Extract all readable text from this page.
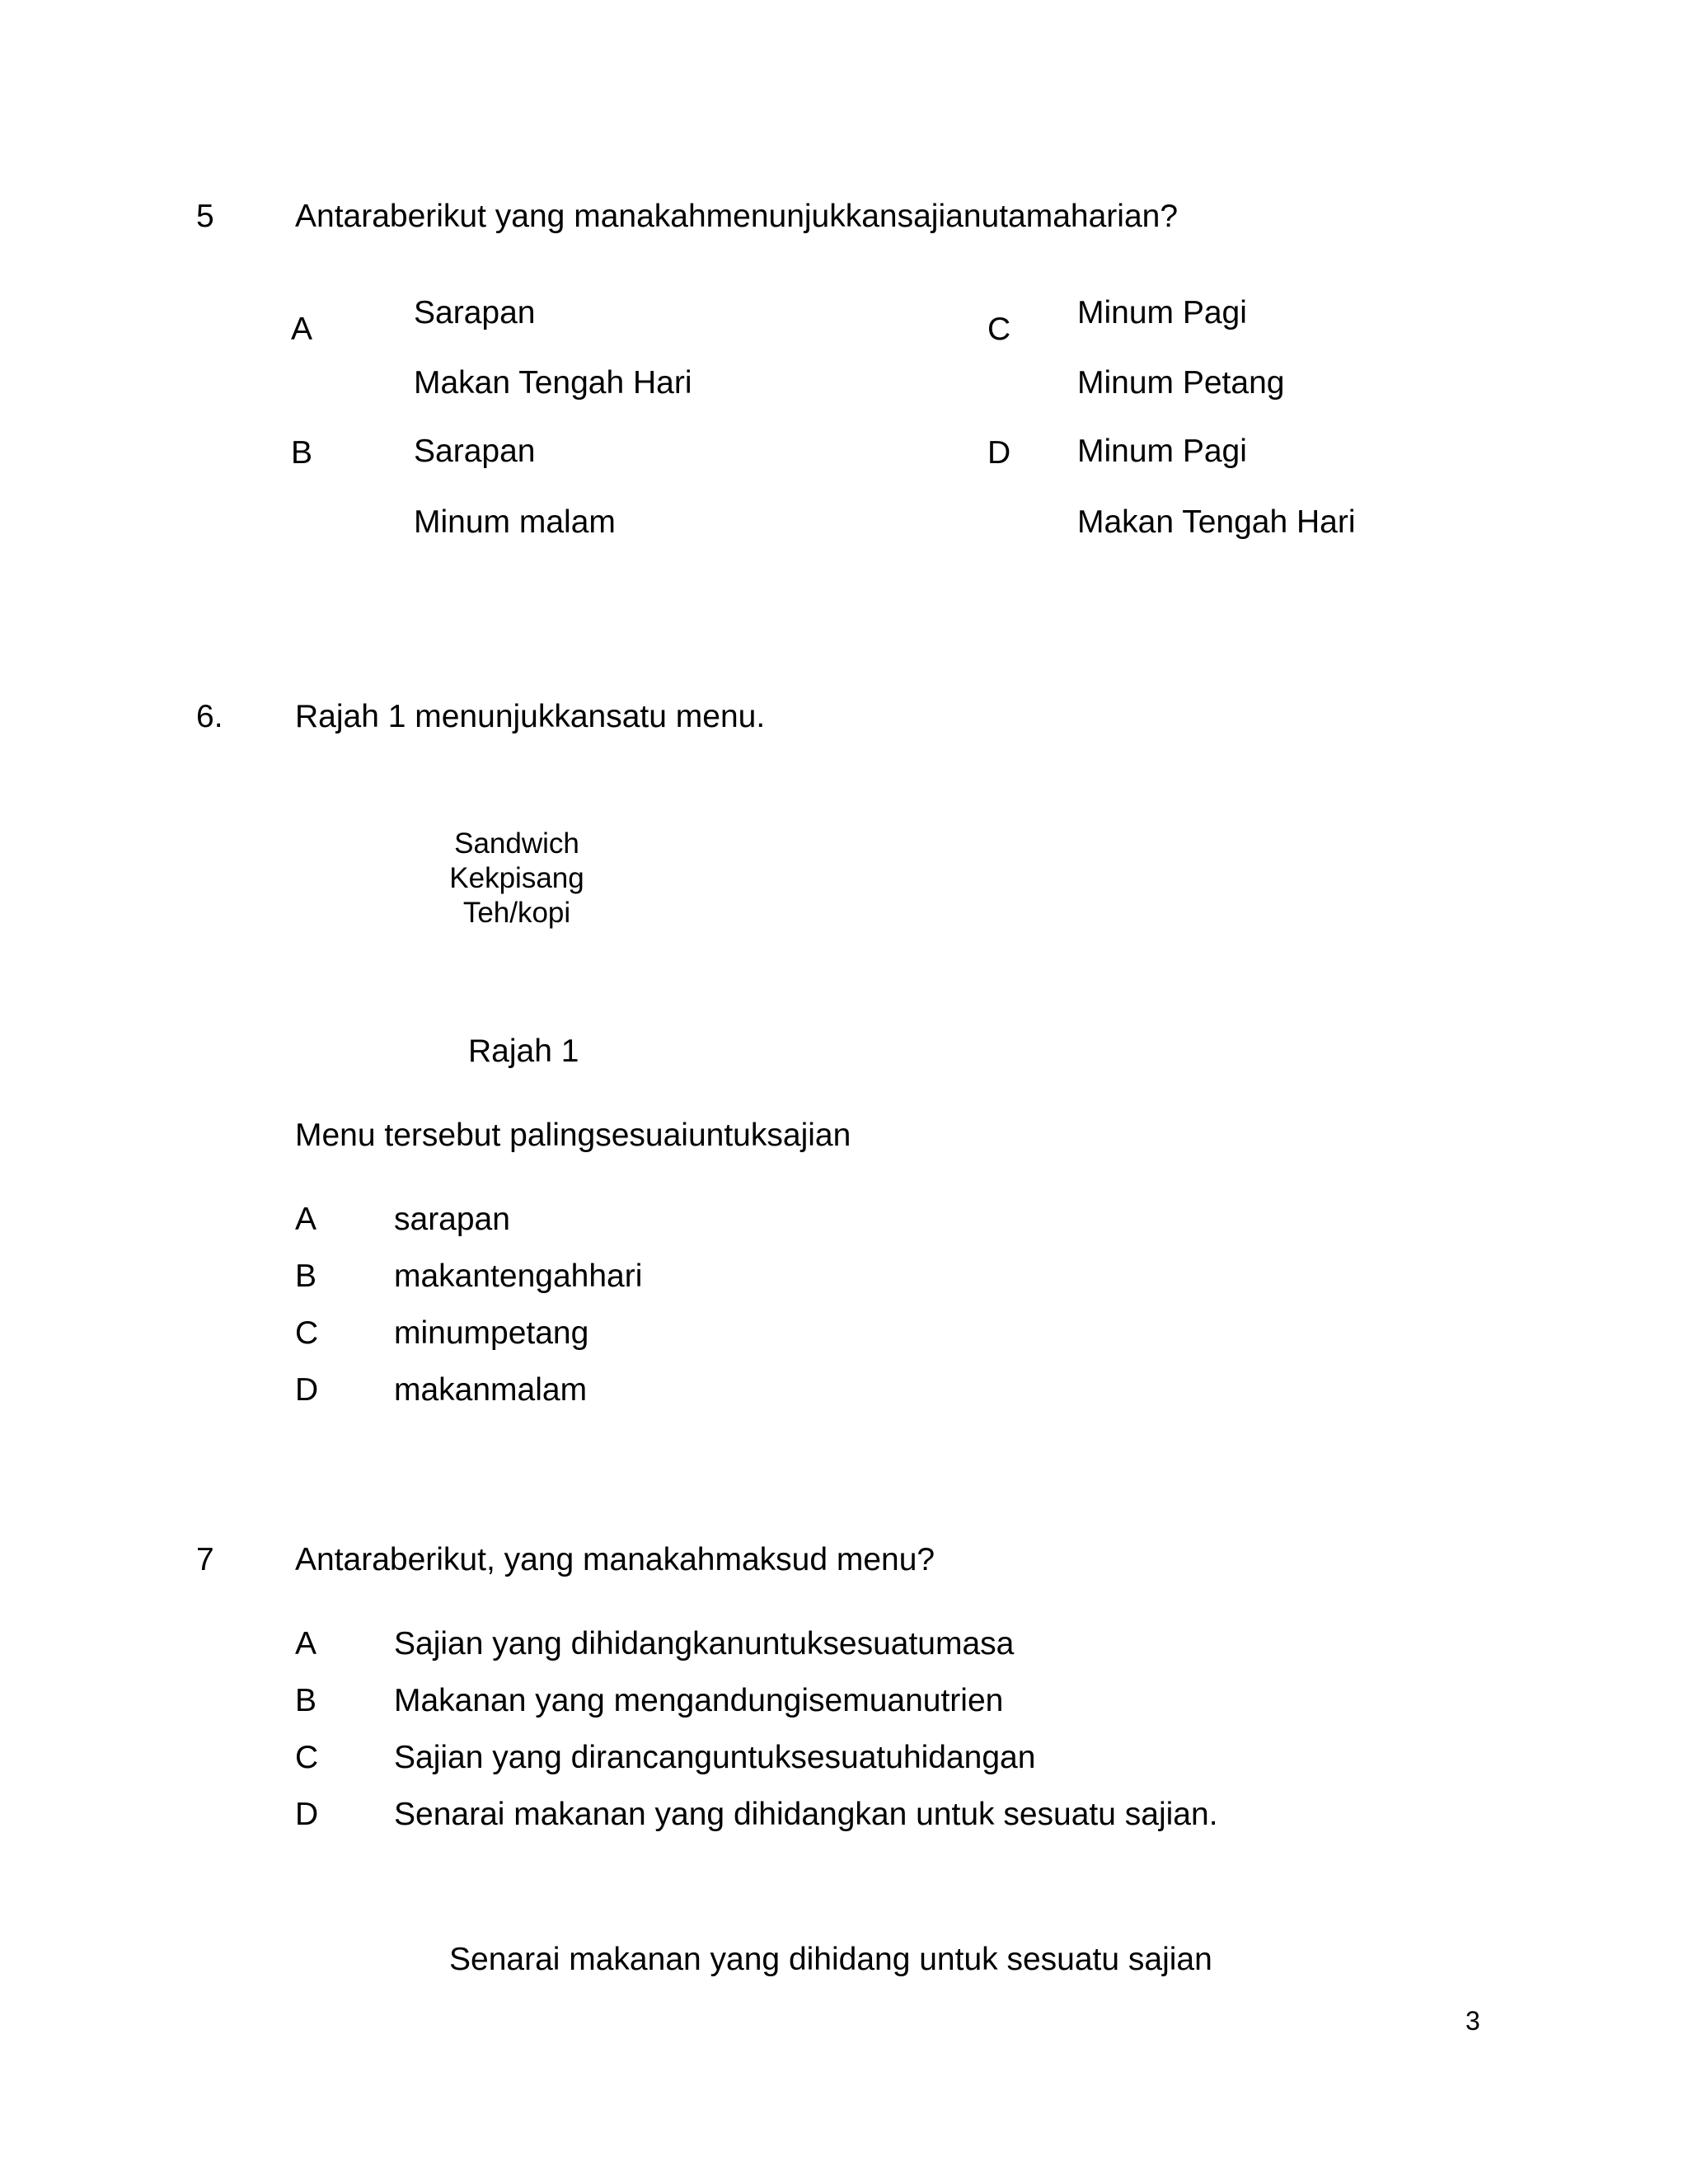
5	Antaraberikut yang manakahmenunjukkansajianutamaharian?
A	Sarapan
Makan Tengah Hari
B	Sarapan
Minum malam
C Minum Pagi
Minum Petang
D Minum Pagi
Makan Tengah Hari
6. Rajah 1 menunjukkansatu menu.
Sandwich
Kekpisang
Teh/kopi
Rajah 1
Menu tersebut palingsesuaiuntuksajian
A sarapan
B makantengahhari
C minumpetang
D makanmalam
7	Antaraberikut, yang manakahmaksud menu?
A Sajian yang dihidangkanuntuksesuatumasa
B Makanan yang mengandungisemuanutrien
C Sajian yang dirancanguntuksesuatuhidangan
D Senarai makanan yang dihidangkan untuk sesuatu sajian.
Senarai makanan yang dihidang untuk sesuatu sajian
3
